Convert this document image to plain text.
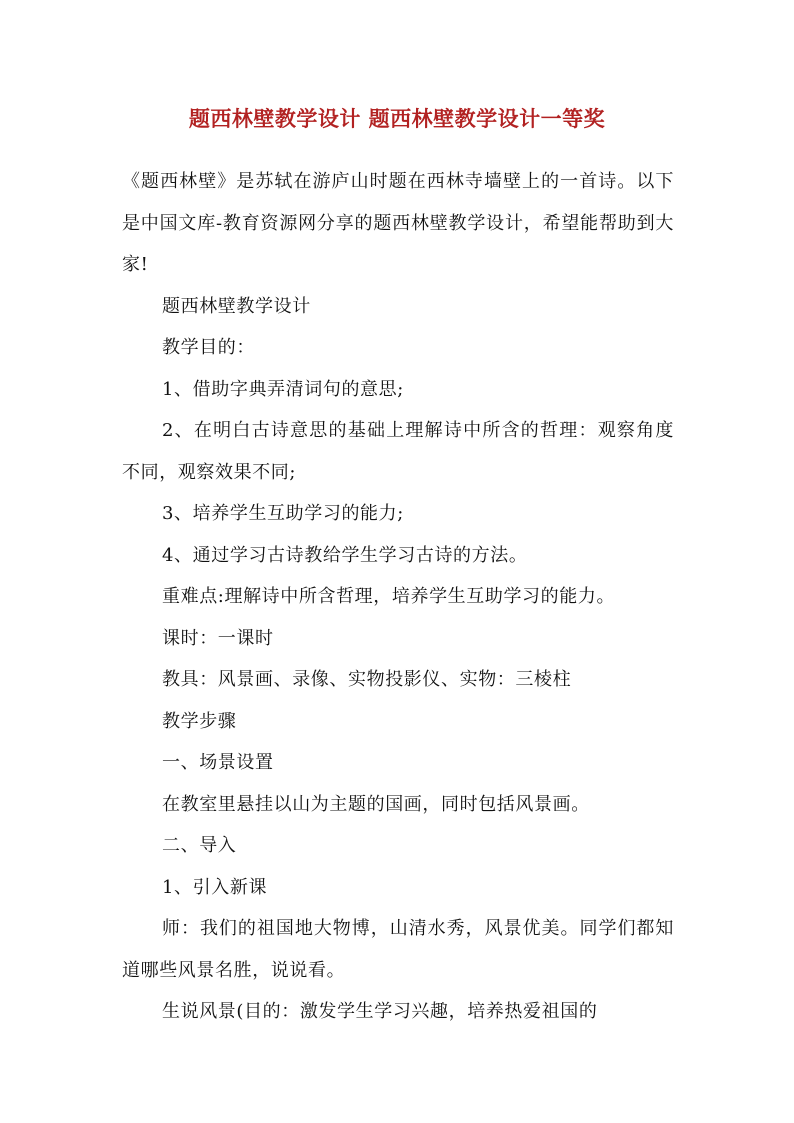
题西林壁教学设计 题西林壁教学设计一等奖

《题西林壁》是苏轼在游庐山时题在西林寺墙壁上的一首诗。以下是中国文库-教育资源网分享的题西林壁教学设计，希望能帮助到大家!

题西林壁教学设计

教学目的：

1、借助字典弄清词句的意思;

2、在明白古诗意思的基础上理解诗中所含的哲理：观察角度不同，观察效果不同;

3、培养学生互助学习的能力;

4、通过学习古诗教给学生学习古诗的方法。

重难点:理解诗中所含哲理，培养学生互助学习的能力。

课时：一课时

教具：风景画、录像、实物投影仪、实物：三棱柱

教学步骤

一、场景设置

在教室里悬挂以山为主题的国画，同时包括风景画。

二、导入

1、引入新课

师：我们的祖国地大物博，山清水秀，风景优美。同学们都知道哪些风景名胜，说说看。

生说风景(目的：激发学生学习兴趣，培养热爱祖国的
